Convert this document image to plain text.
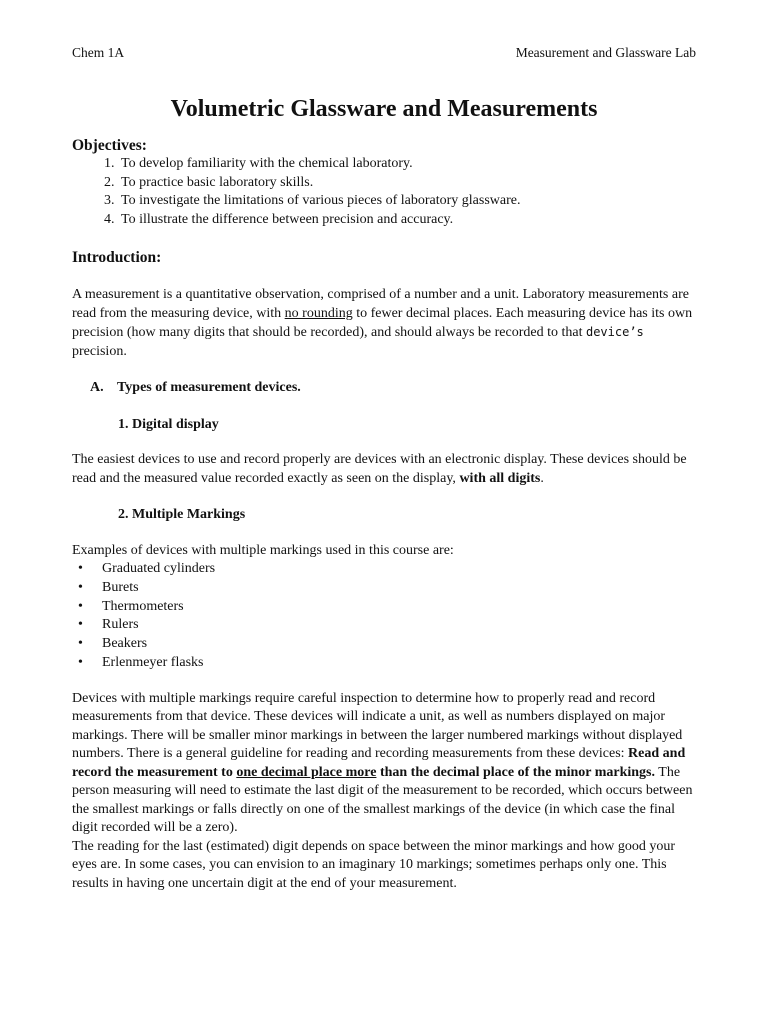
Chem 1A	Measurement and Glassware Lab
Volumetric Glassware and Measurements
Objectives:
1. To develop familiarity with the chemical laboratory.
2. To practice basic laboratory skills.
3. To investigate the limitations of various pieces of laboratory glassware.
4. To illustrate the difference between precision and accuracy.
Introduction:

A measurement is a quantitative observation, comprised of a number and a unit. Laboratory measurements are read from the measuring device, with no rounding to fewer decimal places. Each measuring device has its own precision (how many digits that should be recorded), and should always be recorded to that device’s precision.

A. Types of measurement devices.
1. Digital display

The easiest devices to use and record properly are devices with an electronic display. These devices should be read and the measured value recorded exactly as seen on the display, with all digits.

2. Multiple Markings

Examples of devices with multiple markings used in this course are:

• Graduated cylinders
• Burets
• Thermometers
• Rulers
• Beakers
• Erlenmeyer flasks

Devices with multiple markings require careful inspection to determine how to properly read and record measurements from that device. These devices will indicate a unit, as well as numbers displayed on major markings. There will be smaller minor markings in between the larger numbered markings without displayed numbers. There is a general guideline for reading and recording measurements from these devices: Read and record the measurement to one decimal place more than the decimal place of the minor markings. The person measuring will need to estimate the last digit of the measurement to be recorded, which occurs between the smallest markings or falls directly on one of the smallest markings of the device (in which case the final digit recorded will be a zero).

The reading for the last (estimated) digit depends on space between the minor markings and how good your eyes are. In some cases, you can envision to an imaginary 10 markings; sometimes perhaps only one. This results in having one uncertain digit at the end of your measurement.
